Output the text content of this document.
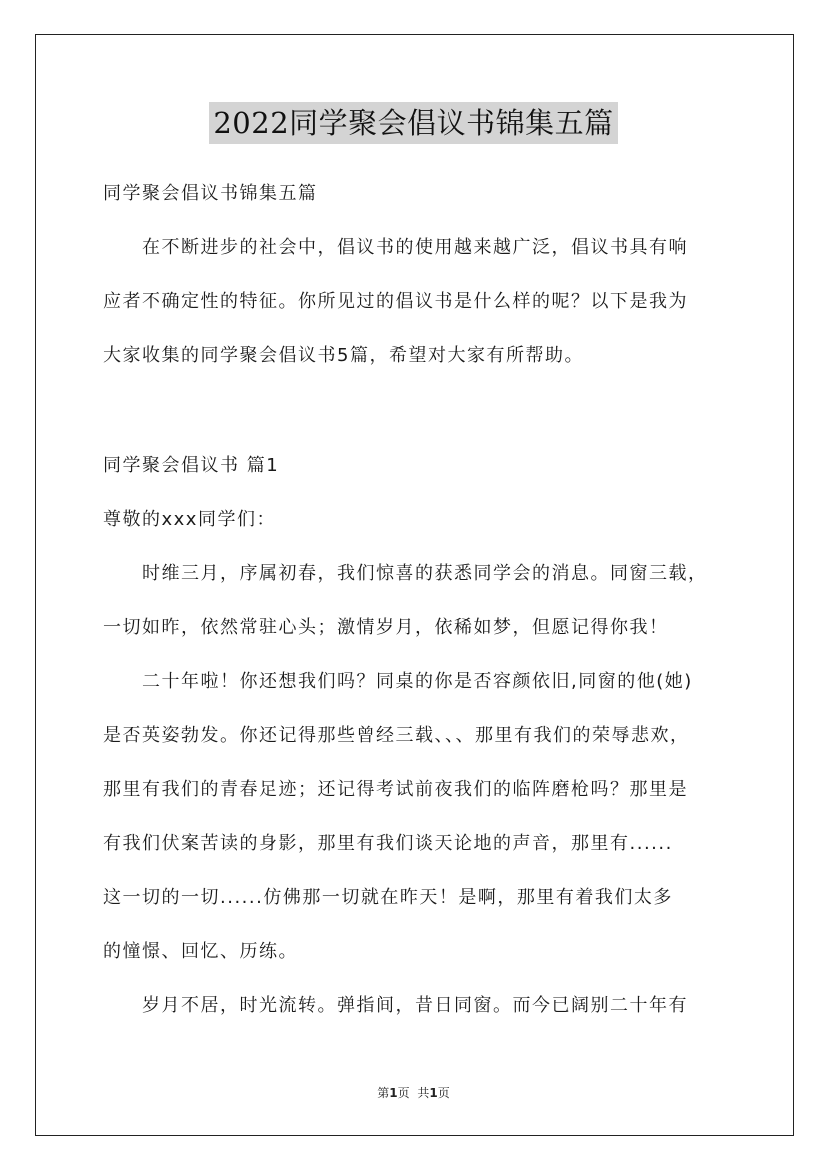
2022同学聚会倡议书锦集五篇
同学聚会倡议书锦集五篇
在不断进步的社会中，倡议书的使用越来越广泛，倡议书具有响
应者不确定性的特征。你所见过的倡议书是什么样的呢？以下是我为
大家收集的同学聚会倡议书5篇，希望对大家有所帮助。
同学聚会倡议书 篇1
尊敬的xxx同学们：
时维三月，序属初春，我们惊喜的获悉同学会的消息。同窗三载，
一切如昨，依然常驻心头；激情岁月，依稀如梦，但愿记得你我！
二十年啦！你还想我们吗？同桌的你是否容颜依旧,同窗的他(她)
是否英姿勃发。你还记得那些曾经三载、、、那里有我们的荣辱悲欢，
那里有我们的青春足迹；还记得考试前夜我们的临阵磨枪吗？那里是
有我们伏案苦读的身影，那里有我们谈天论地的声音，那里有......
这一切的一切......仿佛那一切就在昨天！是啊，那里有着我们太多
的憧憬、回忆、历练。
岁月不居，时光流转。弹指间，昔日同窗。而今已阔别二十年有
第1页 共1页
